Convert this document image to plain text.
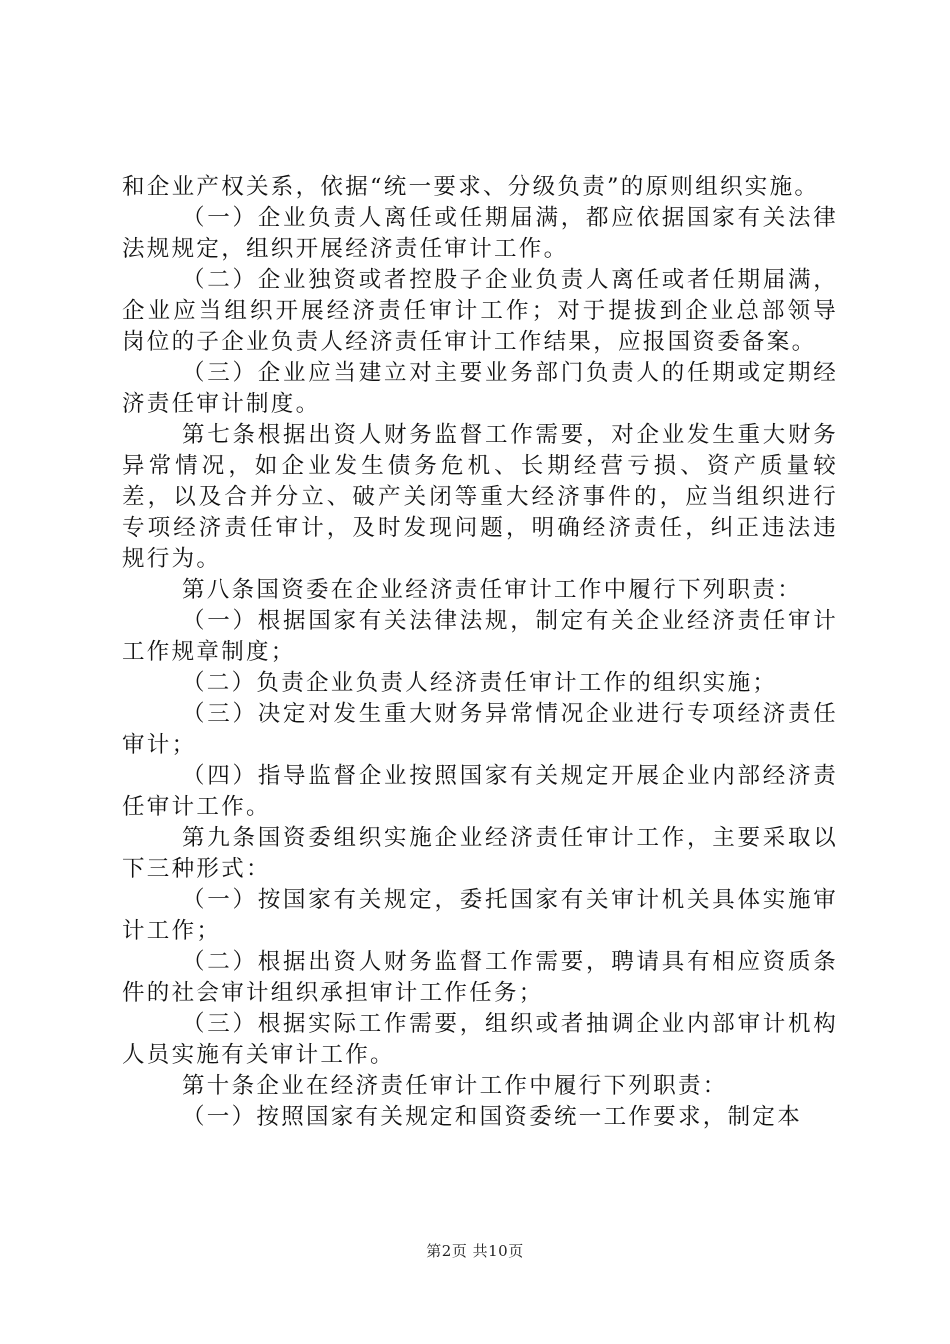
和企业产权关系，依据“统一要求、分级负责”的原则组织实施。

（一）企业负责人离任或任期届满，都应依据国家有关法律法规规定，组织开展经济责任审计工作。

（二）企业独资或者控股子企业负责人离任或者任期届满，企业应当组织开展经济责任审计工作；对于提拔到企业总部领导岗位的子企业负责人经济责任审计工作结果，应报国资委备案。

（三）企业应当建立对主要业务部门负责人的任期或定期经济责任审计制度。

第七条根据出资人财务监督工作需要，对企业发生重大财务异常情况，如企业发生债务危机、长期经营亏损、资产质量较差，以及合并分立、破产关闭等重大经济事件的，应当组织进行专项经济责任审计，及时发现问题，明确经济责任，纠正违法违规行为。

第八条国资委在企业经济责任审计工作中履行下列职责：

（一）根据国家有关法律法规，制定有关企业经济责任审计工作规章制度；

（二）负责企业负责人经济责任审计工作的组织实施；

（三）决定对发生重大财务异常情况企业进行专项经济责任审计；

（四）指导监督企业按照国家有关规定开展企业内部经济责任审计工作。

第九条国资委组织实施企业经济责任审计工作，主要采取以下三种形式：

（一）按国家有关规定，委托国家有关审计机关具体实施审计工作；

（二）根据出资人财务监督工作需要，聘请具有相应资质条件的社会审计组织承担审计工作任务；

（三）根据实际工作需要，组织或者抽调企业内部审计机构人员实施有关审计工作。

第十条企业在经济责任审计工作中履行下列职责：

（一）按照国家有关规定和国资委统一工作要求，制定本

第2页 共10页
